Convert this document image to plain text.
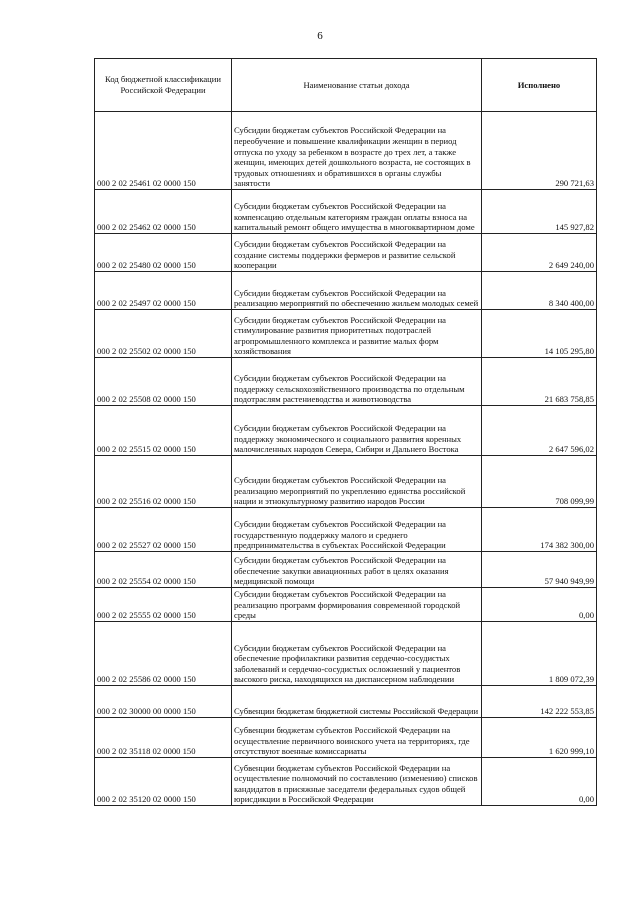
6
Код бюджетной классификации Российской Федерации	Наименование статьи дохода	Исполнено
000 2 02 25461 02 0000 150	Субсидии бюджетам субъектов Российской Федерации на переобучение и повышение квалификации женщин в период отпуска по уходу за ребенком в возрасте до трех лет, а также женщин, имеющих детей дошкольного возраста, не состоящих в трудовых отношениях и обратившихся в органы службы занятости	290 721,63
000 2 02 25462 02 0000 150	Субсидии бюджетам субъектов Российской Федерации на компенсацию отдельным категориям граждан оплаты взноса на капитальный ремонт общего имущества в многоквартирном доме	145 927,82
000 2 02 25480 02 0000 150	Субсидии бюджетам субъектов Российской Федерации на создание системы поддержки фермеров и развитие сельской кооперации	2 649 240,00
000 2 02 25497 02 0000 150	Субсидии бюджетам субъектов Российской Федерации на реализацию мероприятий по обеспечению жильем молодых семей	8 340 400,00
000 2 02 25502 02 0000 150	Субсидии бюджетам субъектов Российской Федерации на стимулирование развития приоритетных подотраслей агропромышленного комплекса и развитие малых форм хозяйствования	14 105 295,80
000 2 02 25508 02 0000 150	Субсидии бюджетам субъектов Российской Федерации на поддержку сельскохозяйственного производства по отдельным подотраслям растениеводства и животноводства	21 683 758,85
000 2 02 25515 02 0000 150	Субсидии бюджетам субъектов Российской Федерации на поддержку экономического и социального развития коренных малочисленных народов Севера, Сибири и Дальнего Востока	2 647 596,02
000 2 02 25516 02 0000 150	Субсидии бюджетам субъектов Российской Федерации на реализацию мероприятий по укреплению единства российской нации и этнокультурному развитию народов России	708 099,99
000 2 02 25527 02 0000 150	Субсидии бюджетам субъектов Российской Федерации на государственную поддержку малого и среднего предпринимательства в субъектах Российской Федерации	174 382 300,00
000 2 02 25554 02 0000 150	Субсидии бюджетам субъектов Российской Федерации на обеспечение закупки авиационных работ в целях оказания медицинской помощи	57 940 949,99
000 2 02 25555 02 0000 150	Субсидии бюджетам субъектов Российской Федерации на реализацию программ формирования современной городской среды	0,00
000 2 02 25586 02 0000 150	Субсидии бюджетам субъектов Российской Федерации на обеспечение профилактики развития сердечно-сосудистых заболеваний и сердечно-сосудистых осложнений у пациентов высокого риска, находящихся на диспансерном наблюдении	1 809 072,39
000 2 02 30000 00 0000 150	Субвенции бюджетам бюджетной системы Российской Федерации	142 222 553,85
000 2 02 35118 02 0000 150	Субвенции бюджетам субъектов Российской Федерации на осуществление первичного воинского учета на территориях, где отсутствуют военные комиссариаты	1 620 999,10
000 2 02 35120 02 0000 150	Субвенции бюджетам субъектов Российской Федерации на осуществление полномочий по составлению (изменению) списков кандидатов в присяжные заседатели федеральных судов общей юрисдикции в Российской Федерации	0,00
